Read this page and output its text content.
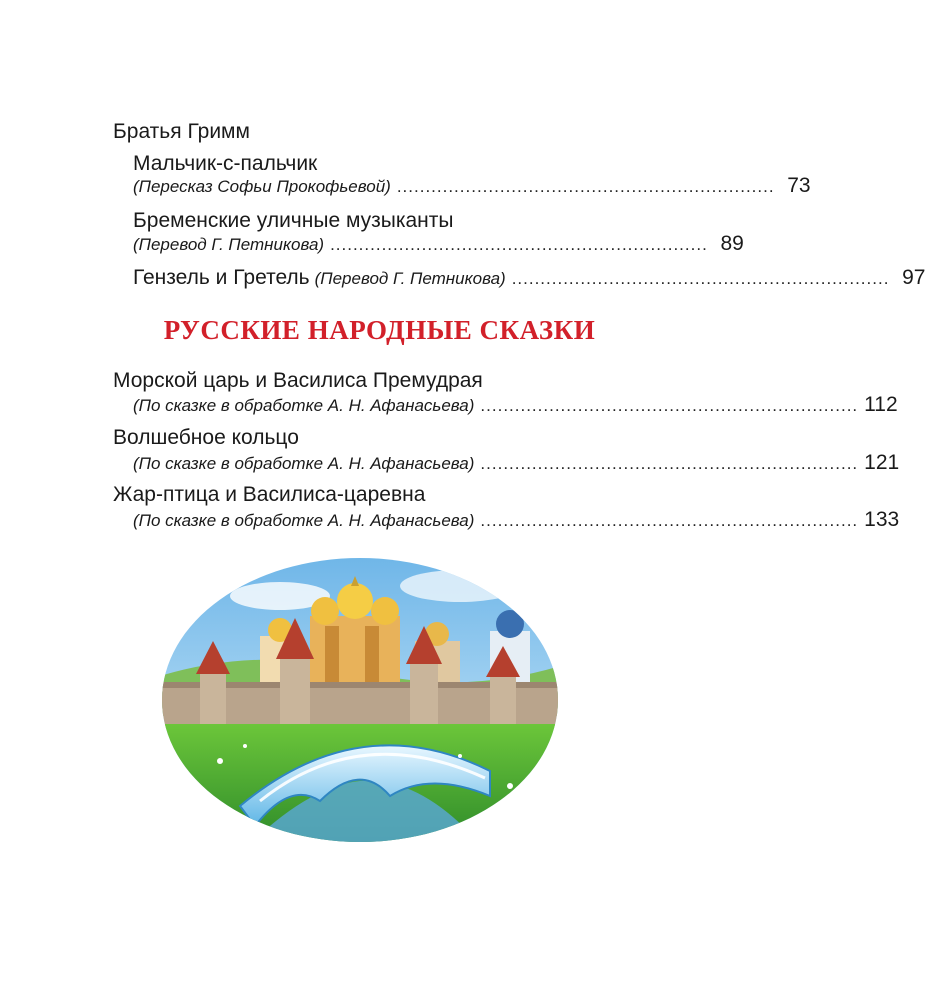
Братья Гримм
Мальчик-с-пальчик
(Пересказ Софьи Прокофьевой) .................................................................. 73
Бременские уличные музыканты
(Перевод Г. Петникова) .................................................................. 89
Гензель и Гретель (Перевод Г. Петникова) .................................................................. 97
РУССКИЕ НАРОДНЫЕ СКАЗКИ
Морской царь и Василиса Премудрая
(По сказке в обработке А. Н. Афанасьева) .................................................................. 112
Волшебное кольцо
(По сказке в обработке А. Н. Афанасьева) .................................................................. 121
Жар-птица и Василиса-царевна
(По сказке в обработке А. Н. Афанасьева) .................................................................. 133
